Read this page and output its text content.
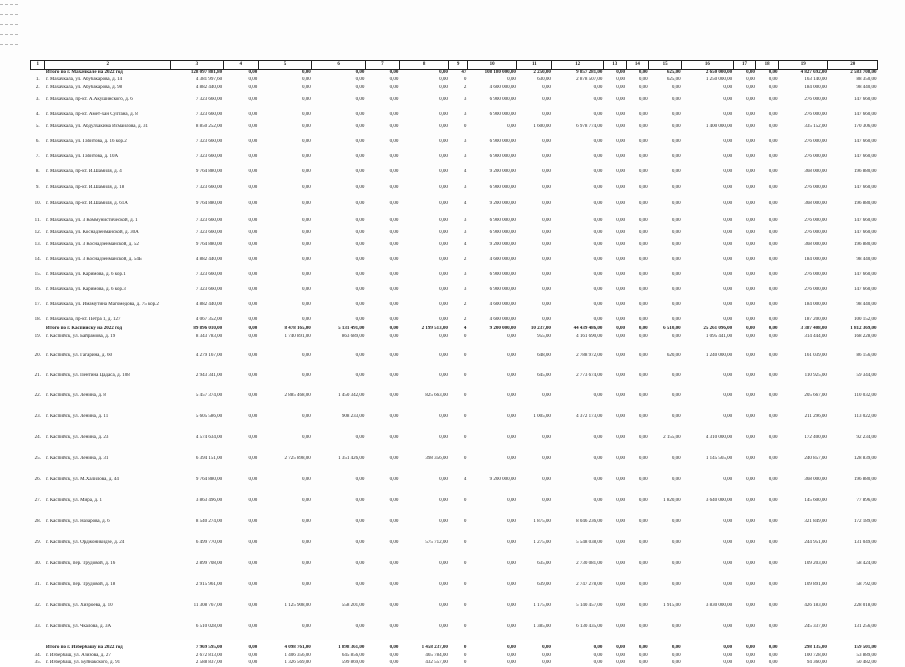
1	2	3	4	5	6	7	8	9	10	11	12	13	14	15	16	17	18	19	20
	Итого по г. Махачкале на 2022 год	128 097 881,80	0,00	0,00	0,00	0,00	0,00	47	108 180 000,00	2 250,00	9 857 281,00	0,00	0,00	625,00	2 650 000,00	0,00	0,00	4 827 692,00	2 583 708,00
1.	г. Махачкала, ул. Абубакарова, д. 14	4 381 997,60	0,00	0,00	0,00	0,00	0,00	0	0,00	630,00	2 878 507,00	0,00	0,00	625,00	1 250 000,00	0,00	0,00	163 140,00	88 350,00
2.	г. Махачкала, ул. Абубакарова, д. 98	4 882 440,00	0,00	0,00	0,00	0,00	0,00	2	4 600 000,00	0,00	0,00	0,00	0,00	0,00	0,00	0,00	0,00	184 000,00	98 440,00
3.	г. Махачкала, пр-кт. А.Акушинского, д. 6	7 323 660,00	0,00	0,00	0,00	0,00	0,00	3	6 900 000,00	0,00	0,00	0,00	0,00	0,00	0,00	0,00	0,00	276 000,00	147 660,00
4.	г. Махачкала, пр-кт. Амет-хан Султана, д. 8	7 323 660,00	0,00	0,00	0,00	0,00	0,00	3	6 900 000,00	0,00	0,00	0,00	0,00	0,00	0,00	0,00	0,00	276 000,00	147 660,00
5.	г. Махачкала, ул. Абдулхакима Исмаилова, д. 31	8 850 252,00	0,00	0,00	0,00	0,00	0,00	0	0,00	1 600,00	6 978 774,00	0,00	0,00	0,00	1 400 000,00	0,00	0,00	335 152,00	170 306,00
6.	г. Махачкала, ул. Габитова, д. 16 кор.2	7 323 660,00	0,00	0,00	0,00	0,00	0,00	3	6 900 000,00	0,00	0,00	0,00	0,00	0,00	0,00	0,00	0,00	276 000,00	147 660,00
7.	г. Махачкала, ул. Габитова, д. 10А	7 323 660,00	0,00	0,00	0,00	0,00	0,00	3	6 900 000,00	0,00	0,00	0,00	0,00	0,00	0,00	0,00	0,00	276 000,00	147 660,00
8.	г. Махачкала, пр-кт. И.Шамиля, д. 4	9 764 880,00	0,00	0,00	0,00	0,00	0,00	4	9 200 000,00	0,00	0,00	0,00	0,00	0,00	0,00	0,00	0,00	368 000,00	196 880,00
9.	г. Махачкала, пр-кт. И.Шамиля, д. 18	7 323 660,00	0,00	0,00	0,00	0,00	0,00	3	6 900 000,00	0,00	0,00	0,00	0,00	0,00	0,00	0,00	0,00	276 000,00	147 660,00
10.	г. Махачкала, пр-кт. И.Шамиля, д. 61А	9 764 880,00	0,00	0,00	0,00	0,00	0,00	4	9 200 000,00	0,00	0,00	0,00	0,00	0,00	0,00	0,00	0,00	368 000,00	196 880,00
11.	г. Махачкала, ул. 3 Коммунистической, д. 1	7 323 660,00	0,00	0,00	0,00	0,00	0,00	3	6 900 000,00	0,00	0,00	0,00	0,00	0,00	0,00	0,00	0,00	276 000,00	147 660,00
12.	г. Махачкала, ул. Коснадзенманской, д. 30А	7 323 660,00	0,00	0,00	0,00	0,00	0,00	3	6 900 000,00	0,00	0,00	0,00	0,00	0,00	0,00	0,00	0,00	276 000,00	147 660,00
13.	г. Махачкала, ул. 3 Коснадзенманской, д. 52	9 764 880,00	0,00	0,00	0,00	0,00	0,00	4	9 200 000,00	0,00	0,00	0,00	0,00	0,00	0,00	0,00	0,00	368 000,00	196 880,00
14.	г. Махачкала, ул. 3 Коснадзенманской, д. 54Б	4 882 440,00	0,00	0,00	0,00	0,00	0,00	2	4 600 000,00	0,00	0,00	0,00	0,00	0,00	0,00	0,00	0,00	184 000,00	98 440,00
15.	г. Махачкала, ул. Каримова, д. 6 кор.1	7 323 660,00	0,00	0,00	0,00	0,00	0,00	3	6 900 000,00	0,00	0,00	0,00	0,00	0,00	0,00	0,00	0,00	276 000,00	147 660,00
16.	г. Махачкала, ул. Каримова, д. 6 кор.3	7 323 660,00	0,00	0,00	0,00	0,00	0,00	3	6 900 000,00	0,00	0,00	0,00	0,00	0,00	0,00	0,00	0,00	276 000,00	147 660,00
17.	г. Махачкала, ул. Имамутина Магомедова, д. 75 кор.2	4 882 440,00	0,00	0,00	0,00	0,00	0,00	2	4 600 000,00	0,00	0,00	0,00	0,00	0,00	0,00	0,00	0,00	184 000,00	98 440,00
18.	г. Махачкала, пр-кт. Петра 1, д. 127	4 067 352,00	0,00	0,00	0,00	0,00	0,00	2	4 600 000,00	0,00	0,00	0,00	0,00	0,00	0,00	0,00	0,00	187 200,00	100 152,00
	Итого по г. Каспийску на 2022 год	89 896 010,00	0,00	8 478 165,00	5 131 491,00	0,00	2 199 513,00	4	9 200 000,00	10 237,00	44 439 486,00	0,00	0,00	6 510,00	25 261 096,00	0,00	0,00	3 387 408,00	1 812 369,00
19.	г. Каспийск, ул. Байрамова, д. 19	8 343 783,00	0,00	1 740 891,00	863 689,00	0,00	0,00	0	0,00	955,00	4 161 690,00	0,00	0,00	0,00	1 095 441,00	0,00	0,00	314 444,00	168 228,00
20.	г. Каспийск, ул. Гагарина, д. 60	4 279 167,00	0,00	0,00	0,00	0,00	0,00	0	0,00	648,00	2 788 972,00	0,00	0,00	620,00	1 240 000,00	0,00	0,00	161 039,00	86 156,00
21.	г. Каспийск, ул. Пентина Цадаса, д. 108	2 943 341,00	0,00	0,00	0,00	0,00	0,00	0	0,00	645,00	2 773 674,00	0,00	0,00	0,00	0,00	0,00	0,00	110 925,00	59 344,00
22.	г. Каспийск, ул. Ленина, д. 8	5 457 374,00	0,00	2 885 468,00	1 450 342,00	0,00	825 663,00	0	0,00	0,00	0,00	0,00	0,00	0,00	0,00	0,00	0,00	205 667,00	110 032,00
23.	г. Каспийск, ул. Ленина, д. 11	5 605 586,00	0,00	0,00	908 233,00	0,00	0,00	0	0,00	1 005,00	4 372 173,00	0,00	0,00	0,00	0,00	0,00	0,00	211 296,00	113 022,00
24.	г. Каспийск, ул. Ленина, д. 23	4 574 634,00	0,00	0,00	0,00	0,00	0,00	0	0,00	0,00	0,00	0,00	0,00	2 155,00	4 310 000,00	0,00	0,00	172 400,00	92 234,00
25.	г. Каспийск, ул. Ленина, д. 31	6 394 151,00	0,00	2 725 898,00	1 351 426,00	0,00	398 356,00	0	0,00	0,00	0,00	0,00	0,00	0,00	1 145 565,00	0,00	0,00	240 857,00	128 839,00
26.	г. Каспийск, ул. М.Халилова, д. 44	9 764 880,00	0,00	0,00	0,00	0,00	0,00	4	9 200 000,00	0,00	0,00	0,00	0,00	0,00	0,00	0,00	0,00	368 000,00	196 880,00
27.	г. Каспийск, ул. Мира, д. 1	3 863 496,00	0,00	0,00	0,00	0,00	0,00	0	0,00	0,00	0,00	0,00	0,00	1 820,00	3 640 000,00	0,00	0,00	145 600,00	77 896,00
28.	г. Каспийск, ул. Назарова, д. 6	8 540 274,00	0,00	0,00	0,00	0,00	0,00	0	0,00	1 875,00	8 046 236,00	0,00	0,00	0,00	0,00	0,00	0,00	321 849,00	172 189,00
29.	г. Каспийск, ул. Орджоникидзе, д. 24	6 499 770,00	0,00	0,00	0,00	0,00	575 712,00	0	0,00	1 275,00	5 548 038,00	0,00	0,00	0,00	0,00	0,00	0,00	244 951,00	131 049,00
30.	г. Каспийск, пер. Трудовой, д. 16	2 899 708,00	0,00	0,00	0,00	0,00	0,00	0	0,00	635,00	2 730 081,00	0,00	0,00	0,00	0,00	0,00	0,00	109 203,00	58 424,00
31.	г. Каспийск, пер. Трудовой, д. 18	2 915 961,00	0,00	0,00	0,00	0,00	0,00	0	0,00	639,00	2 747 278,00	0,00	0,00	0,00	0,00	0,00	0,00	109 891,00	58 792,00
32.	г. Каспийск, ул. Хизроева, д. 10	11 308 767,00	0,00	1 125 908,00	558 201,00	0,00	0,00	0	0,00	1 175,00	5 140 457,00	0,00	0,00	1 915,00	3 830 000,00	0,00	0,00	426 183,00	228 018,00
33.	г. Каспийск, ул. Чкалова, д. 3А	6 510 028,00	0,00	0,00	0,00	0,00	0,00	0	0,00	1 385,00	6 130 435,00	0,00	0,00	0,00	0,00	0,00	0,00	245 337,00	131 256,00
	Итого по г. Избербашу на 2022 год	7 969 595,00	0,00	4 098 761,00	1 898 361,00	0,00	1 458 237,00	0	0,00	0,00	0,00	0,00	0,00	0,00	0,00	0,00	0,00	298 135,00	159 501,00
34.	г. Избербаш, ул. Азизова, д. 27	2 672 813,00	0,00	1 406 356,00	645 856,00	0,00	465 784,00	0	0,00	0,00	0,00	0,00	0,00	0,00	0,00	0,00	0,00	100 728,00	53 889,00
35.	г. Избербаш, ул. Буйнакского, д. 91	2 588 837,00	0,00	1 326 569,00	599 869,00	0,00	432 557,00	0	0,00	0,00	0,00	0,00	0,00	0,00	0,00	0,00	0,00	94 360,00	50 482,00
